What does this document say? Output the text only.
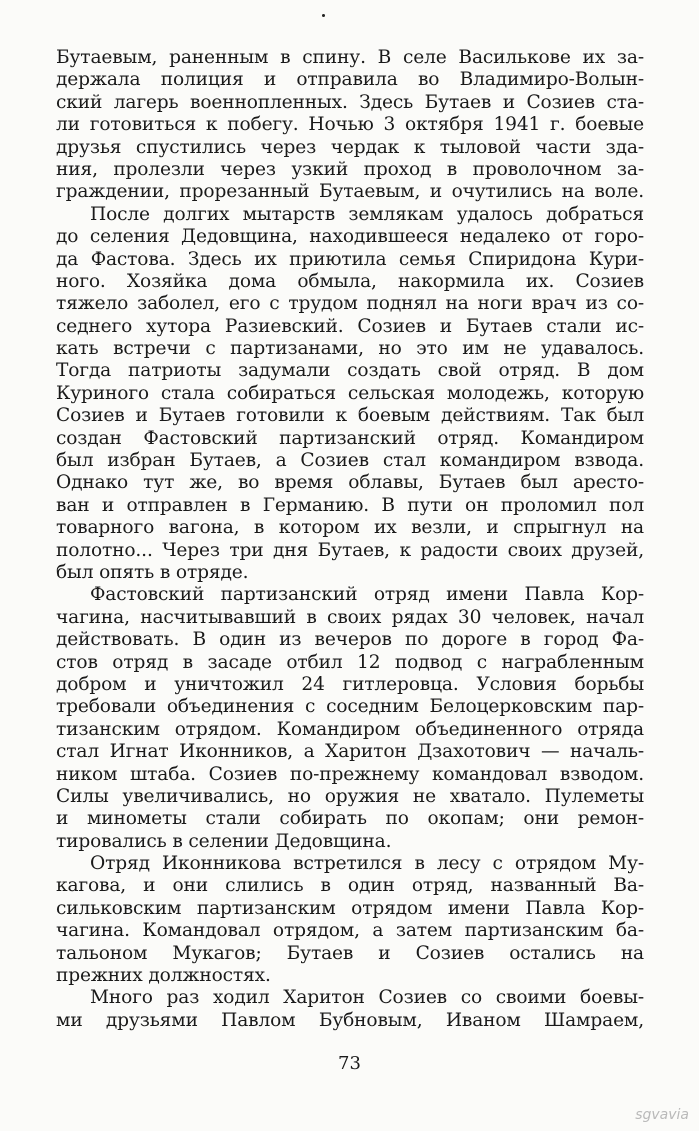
Бутаевым, раненным в спину. В селе Василькове их за-
держала полиция и отправила во Владимиро-Волын-
ский лагерь военнопленных. Здесь Бутаев и Созиев ста-
ли готовиться к побегу. Ночью 3 октября 1941 г. боевые
друзья спустились через чердак к тыловой части зда-
ния, пролезли через узкий проход в проволочном за-
граждении, прорезанный Бутаевым, и очутились на воле.
После долгих мытарств землякам удалось добраться
до селения Дедовщина, находившееся недалеко от горо-
да Фастова. Здесь их приютила семья Спиридона Кури-
ного. Хозяйка дома обмыла, накормила их. Созиев
тяжело заболел, его с трудом поднял на ноги врач из со-
седнего хутора Разиевский. Созиев и Бутаев стали ис-
кать встречи с партизанами, но это им не удавалось.
Тогда патриоты задумали создать свой отряд. В дом
Куриного стала собираться сельская молодежь, которую
Созиев и Бутаев готовили к боевым действиям. Так был
создан Фастовский партизанский отряд. Командиром
был избран Бутаев, а Созиев стал командиром взвода.
Однако тут же, во время облавы, Бутаев был аресто-
ван и отправлен в Германию. В пути он проломил пол
товарного вагона, в котором их везли, и спрыгнул на
полотно... Через три дня Бутаев, к радости своих друзей,
был опять в отряде.
Фастовский партизанский отряд имени Павла Кор-
чагина, насчитывавший в своих рядах 30 человек, начал
действовать. В один из вечеров по дороге в город Фа-
стов отряд в засаде отбил 12 подвод с награбленным
добром и уничтожил 24 гитлеровца. Условия борьбы
требовали объединения с соседним Белоцерковским пар-
тизанским отрядом. Командиром объединенного отряда
стал Игнат Иконников, а Харитон Дзахотович — началь-
ником штаба. Созиев по-прежнему командовал взводом.
Силы увеличивались, но оружия не хватало. Пулеметы
и минометы стали собирать по окопам; они ремон-
тировались в селении Дедовщина.
Отряд Иконникова встретился в лесу с отрядом Му-
кагова, и они слились в один отряд, названный Ва-
сильковским партизанским отрядом имени Павла Кор-
чагина. Командовал отрядом, а затем партизанским ба-
тальоном Мукагов; Бутаев и Созиев остались на
прежних должностях.
Много раз ходил Харитон Созиев со своими боевы-
ми друзьями Павлом Бубновым, Иваном Шамраем,
73
sgvavia
